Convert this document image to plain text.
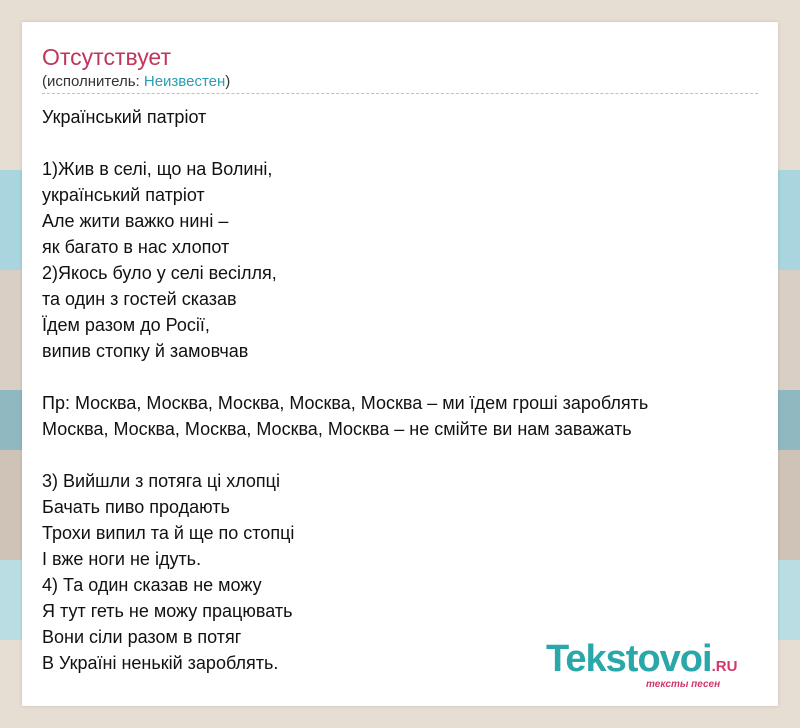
Отсутствует
(исполнитель: Неизвестен)
Український патріот
1)Жив в селі, що на Волині,
український патріот
Але жити важко нині –
як багато в нас хлопот
2)Якось було у селі весілля,
та один з гостей сказав
Їдем разом до Росії,
випив стопку й замовчав
Пр: Москва, Москва, Москва, Москва, Москва – ми їдем гроші зароблять
Москва, Москва, Москва, Москва, Москва – не смійте ви нам заважать
3) Вийшли з потяга ці хлопці
Бачать пиво продають
Трохи випил та й ще по стопці
І вже ноги не ідуть.
4) Та один сказав не можу
Я тут геть не можу працювать
Вони сіли разом в потяг
В Україні ненькій зароблять.	Tekstovoi.RU
тексты песен
